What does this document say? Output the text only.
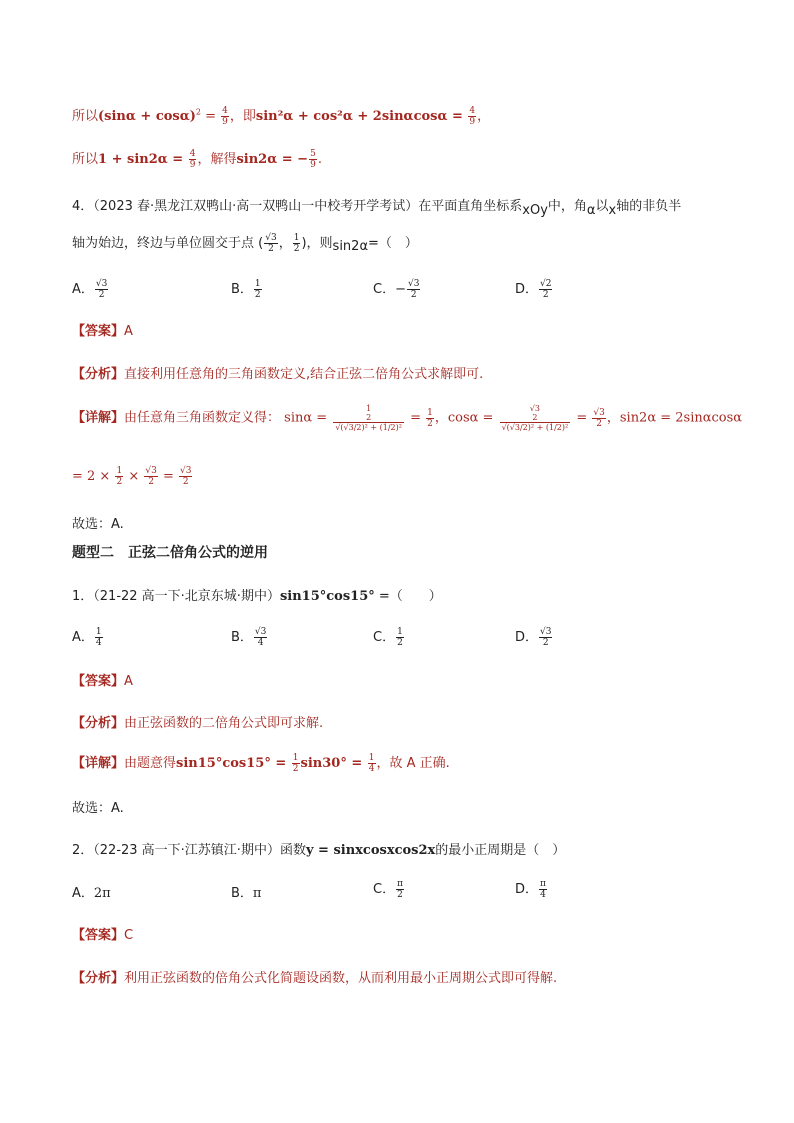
所以$(\sin\alpha + \cos\alpha)^2 = \frac{4}{9}$ ，即$\sin^2\alpha + \cos^2\alpha + 2\sin\alpha\cos\alpha = \frac{4}{9}$ ，
所以$1 + \sin 2\alpha = \frac{4}{9}$ ，解得sin2α = − $\frac{5}{9}$ .
4．（2023 春·黑龙江双鸭山·高一双鸭山一中校考开学考试）在平面直角坐标系xOy中，角α以x轴的非负半
轴为始边，终边与单位圆交于点 ( $\frac{√3}{2}$ ， $\frac{1}{2}$ )，则sin2α=（　）
A． $\frac{√3}{2}$	B． $\frac{1}{2}$	C．− $\frac{√3}{2}$	D． $\frac{√2}{2}$
【答案】A
【分析】直接利用任意角的三角函数定义,结合正弦二倍角公式求解即可.
【详解】由任意角三角函数定义得： sinα =
1
2
√(√3/2)² + (1/2)²
= $\frac{1}{2}$ ，cosα =
√3
2
√(√3/2)² + (1/2)²
= $\frac{√3}{2}$ ，sin2α = 2sinαcosα
= $2 \times \frac{1}{2} \times \frac{√3}{2} = \frac{√3}{2}$
故选：A.
题型二　正弦二倍角公式的逆用
1．（21-22 高一下·北京东城·期中）sin15°cos15° =（　　）
A． $\frac{1}{4}$	B． $\frac{√3}{4}$	C． $\frac{1}{2}$	D． $\frac{√3}{2}$
【答案】A
【分析】由正弦函数的二倍角公式即可求解.
【详解】由题意得$\sin 15^\circ\cos 15^\circ = \frac{1}{2} \sin 30^\circ = \frac{1}{4}$ ，故 A 正确.
故选：A.
2．（22-23 高一下·江苏镇江·期中）函数y = sinxcosxcos2x的最小正周期是（　）
A．2π	B．π	C． $\frac{\pi}{2}$	D． $\frac{\pi}{4}$
【答案】C
【分析】利用正弦函数的倍角公式化简题设函数，从而利用最小正周期公式即可得解.
